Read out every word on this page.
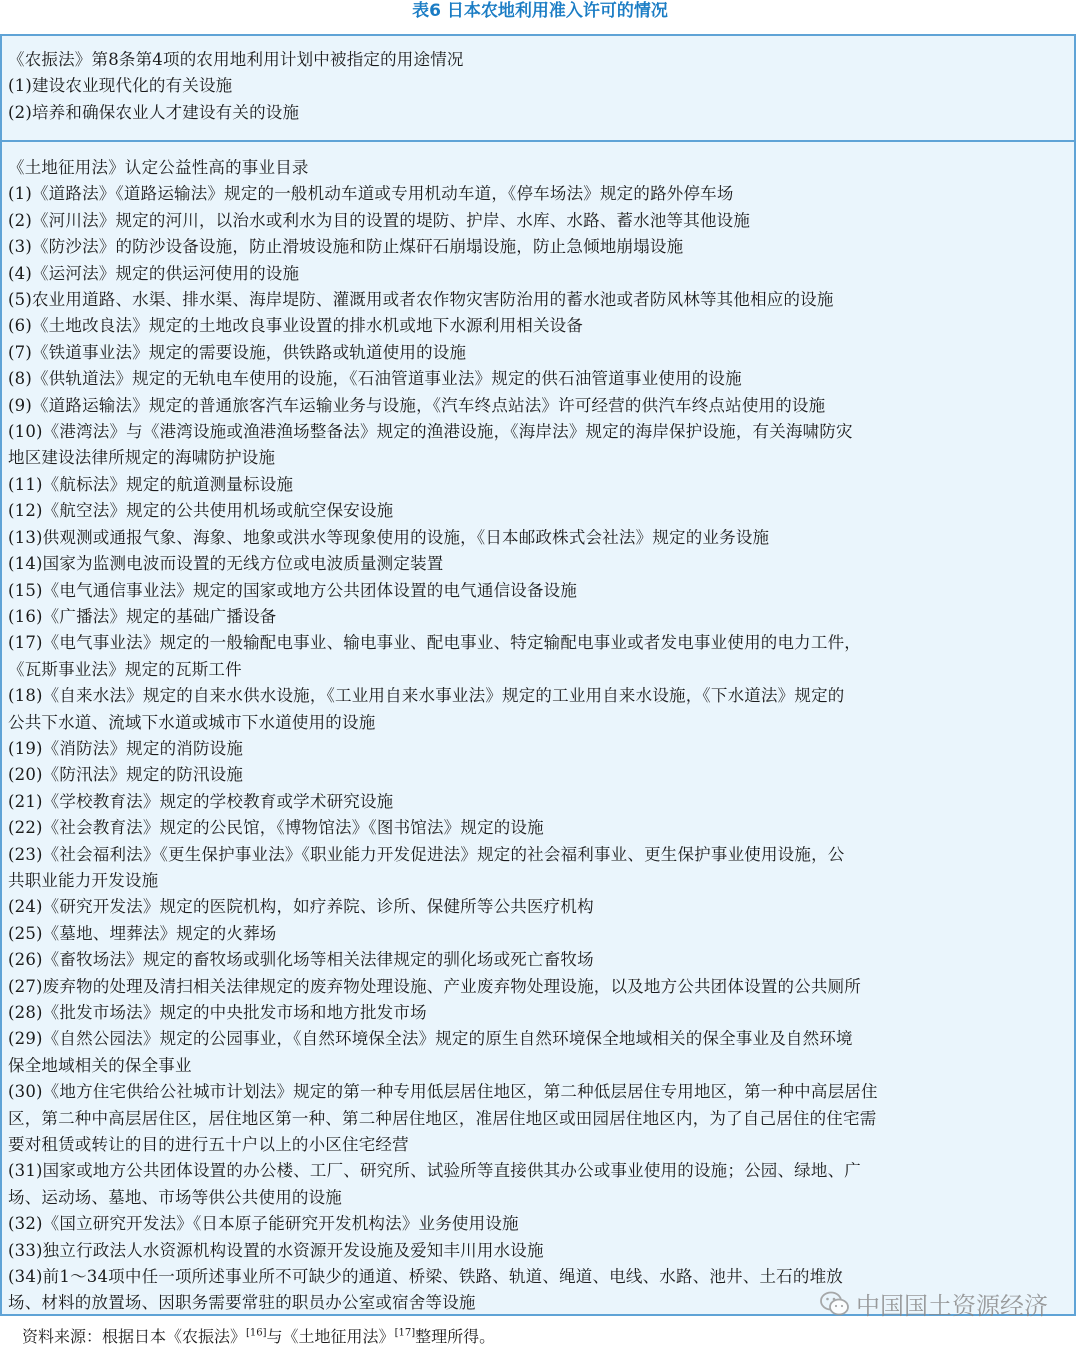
表6 日本农地利用准入许可的情况
《农振法》第8条第4项的农用地利用计划中被指定的用途情况
(1)建设农业现代化的有关设施
(2)培养和确保农业人才建设有关的设施
《土地征用法》认定公益性高的事业目录
(1)《道路法》《道路运输法》规定的一般机动车道或专用机动车道，《停车场法》规定的路外停车场
(2)《河川法》规定的河川，以治水或利水为目的设置的堤防、护岸、水库、水路、蓄水池等其他设施
(3)《防沙法》的防沙设备设施，防止滑坡设施和防止煤矸石崩塌设施，防止急倾地崩塌设施
(4)《运河法》规定的供运河使用的设施
(5)农业用道路、水渠、排水渠、海岸堤防、灌溉用或者农作物灾害防治用的蓄水池或者防风林等其他相应的设施
(6)《土地改良法》规定的土地改良事业设置的排水机或地下水源利用相关设备
(7)《铁道事业法》规定的需要设施，供铁路或轨道使用的设施
(8)《供轨道法》规定的无轨电车使用的设施，《石油管道事业法》规定的供石油管道事业使用的设施
(9)《道路运输法》规定的普通旅客汽车运输业务与设施，《汽车终点站法》许可经营的供汽车终点站使用的设施
(10)《港湾法》与《港湾设施或渔港渔场整备法》规定的渔港设施，《海岸法》规定的海岸保护设施，有关海啸防灾
地区建设法律所规定的海啸防护设施
(11)《航标法》规定的航道测量标设施
(12)《航空法》规定的公共使用机场或航空保安设施
(13)供观测或通报气象、海象、地象或洪水等现象使用的设施，《日本邮政株式会社法》规定的业务设施
(14)国家为监测电波而设置的无线方位或电波质量测定装置
(15)《电气通信事业法》规定的国家或地方公共团体设置的电气通信设备设施
(16)《广播法》规定的基础广播设备
(17)《电气事业法》规定的一般输配电事业、输电事业、配电事业、特定输配电事业或者发电事业使用的电力工件，
《瓦斯事业法》规定的瓦斯工件
(18)《自来水法》规定的自来水供水设施，《工业用自来水事业法》规定的工业用自来水设施，《下水道法》规定的
公共下水道、流域下水道或城市下水道使用的设施
(19)《消防法》规定的消防设施
(20)《防汛法》规定的防汛设施
(21)《学校教育法》规定的学校教育或学术研究设施
(22)《社会教育法》规定的公民馆，《博物馆法》《图书馆法》规定的设施
(23)《社会福利法》《更生保护事业法》《职业能力开发促进法》规定的社会福利事业、更生保护事业使用设施，公
共职业能力开发设施
(24)《研究开发法》规定的医院机构，如疗养院、诊所、保健所等公共医疗机构
(25)《墓地、埋葬法》规定的火葬场
(26)《畜牧场法》规定的畜牧场或驯化场等相关法律规定的驯化场或死亡畜牧场
(27)废弃物的处理及清扫相关法律规定的废弃物处理设施、产业废弃物处理设施，以及地方公共团体设置的公共厕所
(28)《批发市场法》规定的中央批发市场和地方批发市场
(29)《自然公园法》规定的公园事业，《自然环境保全法》规定的原生自然环境保全地域相关的保全事业及自然环境
保全地域相关的保全事业
(30)《地方住宅供给公社城市计划法》规定的第一种专用低层居住地区，第二种低层居住专用地区，第一种中高层居住
区，第二种中高层居住区，居住地区第一种、第二种居住地区，准居住地区或田园居住地区内，为了自己居住的住宅需
要对租赁或转让的目的进行五十户以上的小区住宅经营
(31)国家或地方公共团体设置的办公楼、工厂、研究所、试验所等直接供其办公或事业使用的设施；公园、绿地、广
场、运动场、墓地、市场等供公共使用的设施
(32)《国立研究开发法》《日本原子能研究开发机构法》业务使用设施
(33)独立行政法人水资源机构设置的水资源开发设施及爱知丰川用水设施
(34)前1～34项中任一项所述事业所不可缺少的通道、桥梁、铁路、轨道、绳道、电线、水路、池井、土石的堆放
场、材料的放置场、因职务需要常驻的职员办公室或宿舍等设施
资料来源：根据日本《农振法》[16]与《土地征用法》[17]整理所得。
中国国土资源经济
